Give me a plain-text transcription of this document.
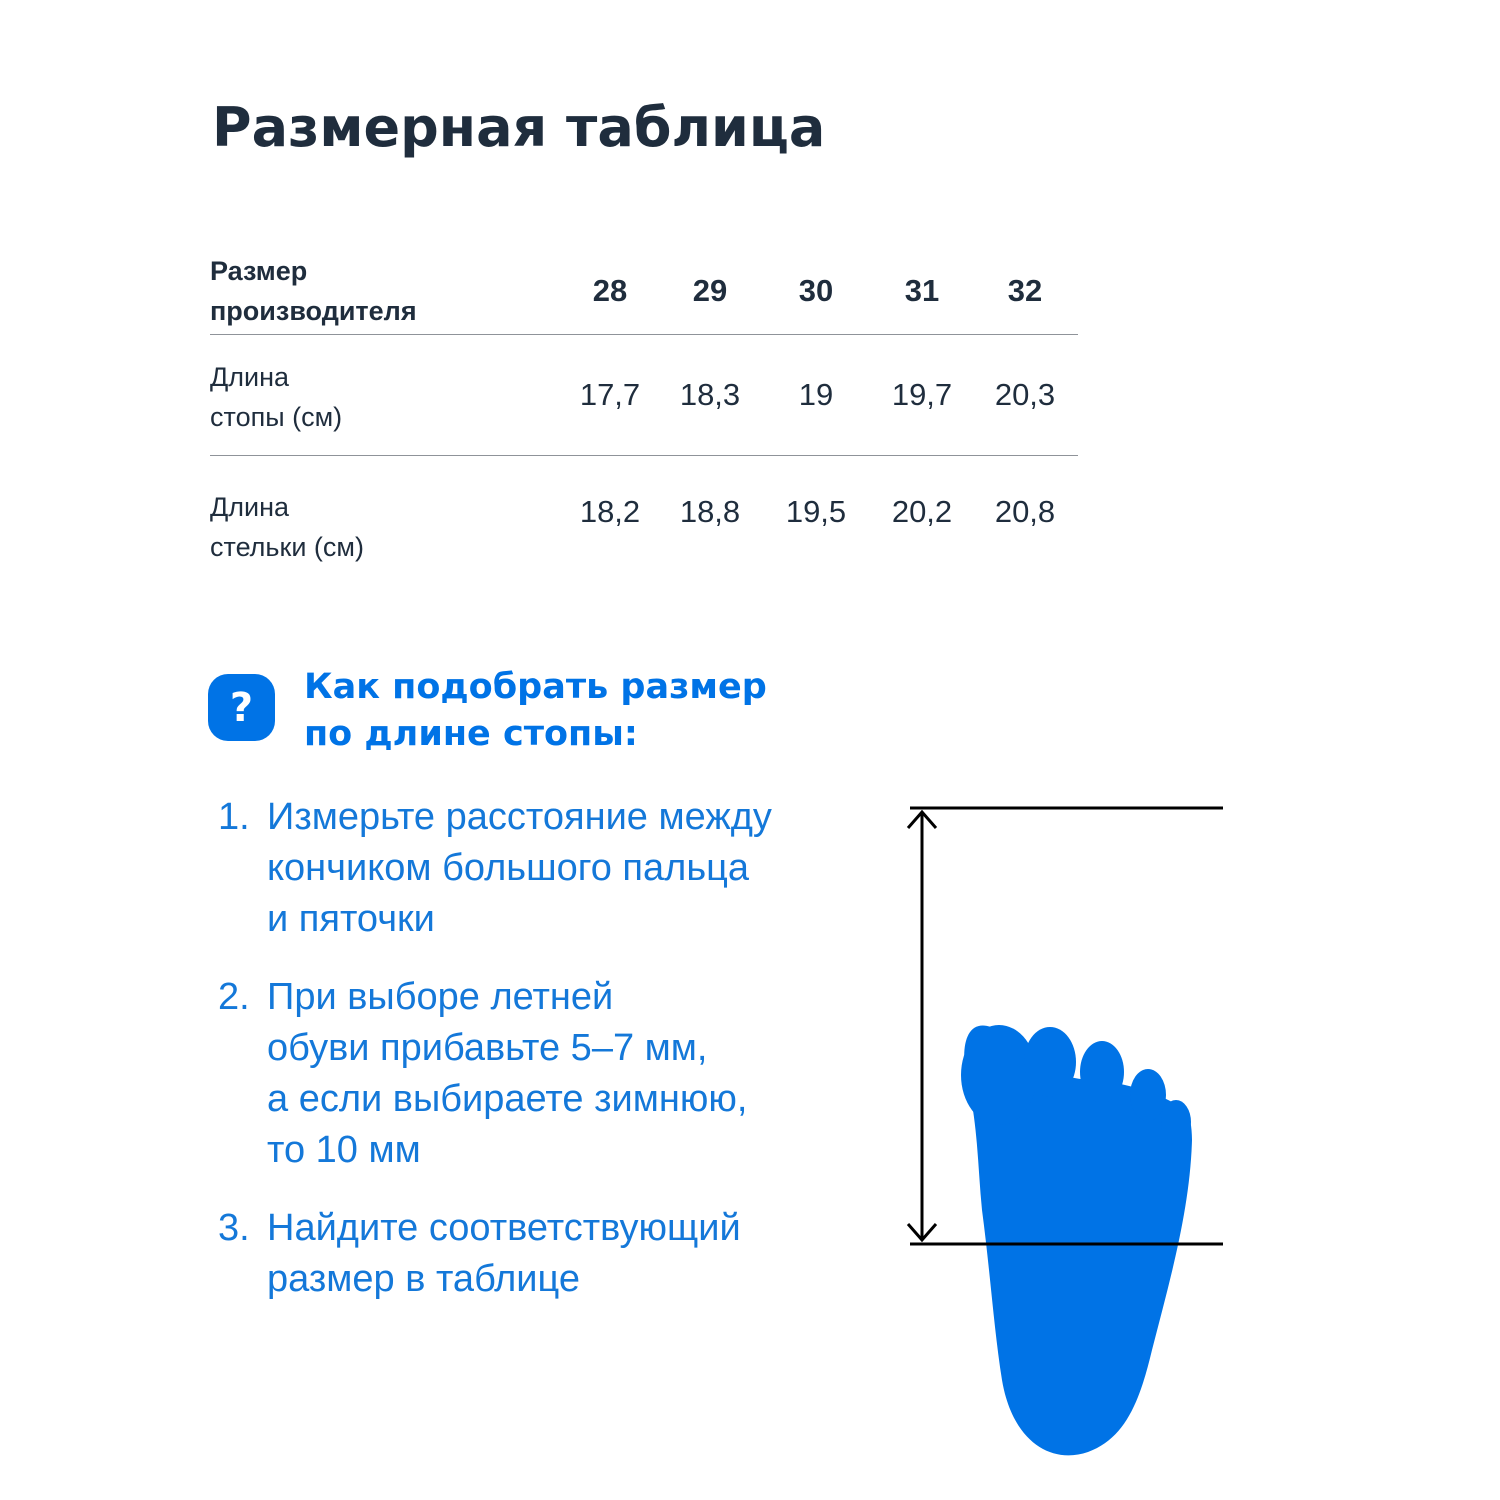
Размерная таблица
Размер
производителя	28	29	30	31	32
Длина
стопы (см)	17,7	18,3	19	19,7	20,3
Длина
стельки (см)	18,2	18,8	19,5	20,2	20,8
? Как подобрать размер
по длине стопы:
1. Измерьте расстояние между
кончиком большого пальца
и пяточки
2. При выборе летней
обуви прибавьте 5–7 мм,
а если выбираете зимнюю,
то 10 мм
3. Найдите соответствующий
размер в таблице
